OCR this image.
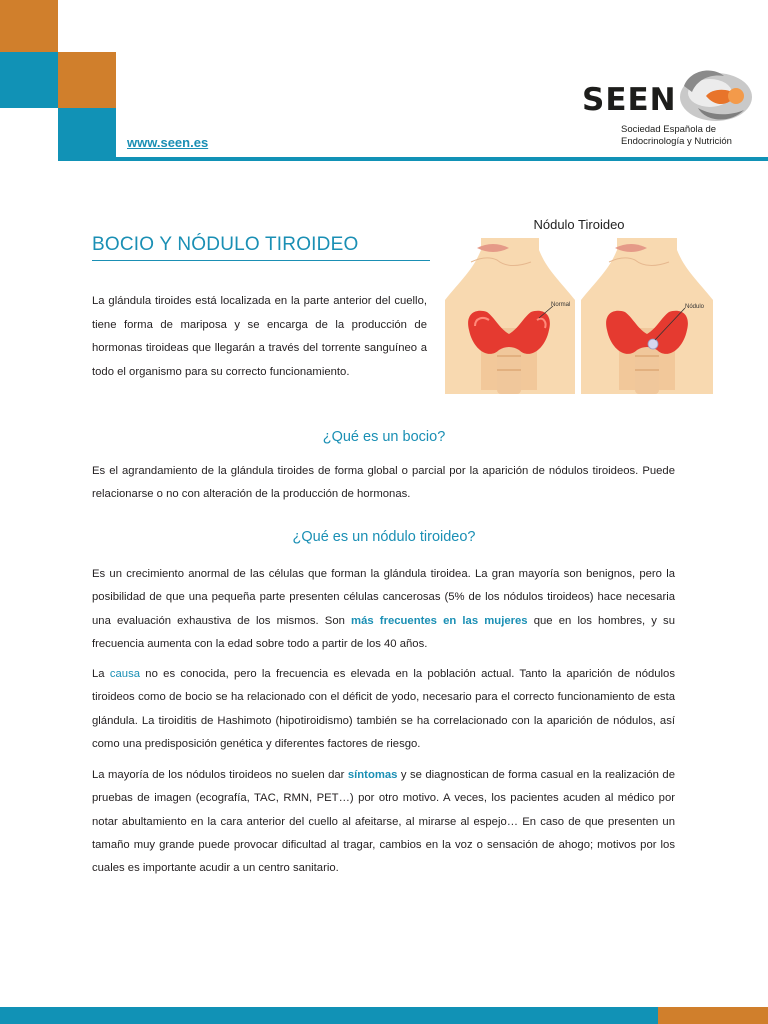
www.seen.es
SEEN
Sociedad Española de
Endocrinología y Nutrición
BOCIO Y NÓDULO TIROIDEO

La glándula tiroides está localizada en la parte anterior del cuello, tiene forma de mariposa y se encarga de la producción de hormonas tiroideas que llegarán a través del torrente sanguíneo a todo el organismo para su correcto funcionamiento.

Nódulo Tiroideo
Normal	Nódulo
¿Qué es un bocio?

Es el agrandamiento de la glándula tiroides de forma global o parcial por la aparición de nódulos tiroideos. Puede relacionarse o no con alteración de la producción de hormonas.

¿Qué es un nódulo tiroideo?

Es un crecimiento anormal de las células que forman la glándula tiroidea. La gran mayoría son benignos, pero la posibilidad de que una pequeña parte presenten células cancerosas (5% de los nódulos tiroideos) hace necesaria una evaluación exhaustiva de los mismos. Son más frecuentes en las mujeres que en los hombres, y su frecuencia aumenta con la edad sobre todo a partir de los 40 años.

La causa no es conocida, pero la frecuencia es elevada en la población actual. Tanto la aparición de nódulos tiroideos como de bocio se ha relacionado con el déficit de yodo, necesario para el correcto funcionamiento de esta glándula. La tiroiditis de Hashimoto (hipotiroidismo) también se ha correlacionado con la aparición de nódulos, así como una predisposición genética y diferentes factores de riesgo.

La mayoría de los nódulos tiroideos no suelen dar síntomas y se diagnostican de forma casual en la realización de pruebas de imagen (ecografía, TAC, RMN, PET…) por otro motivo. A veces, los pacientes acuden al médico por notar abultamiento en la cara anterior del cuello al afeitarse, al mirarse al espejo… En caso de que presenten un tamaño muy grande puede provocar dificultad al tragar, cambios en la voz o sensación de ahogo; motivos por los cuales es importante acudir a un centro sanitario.
